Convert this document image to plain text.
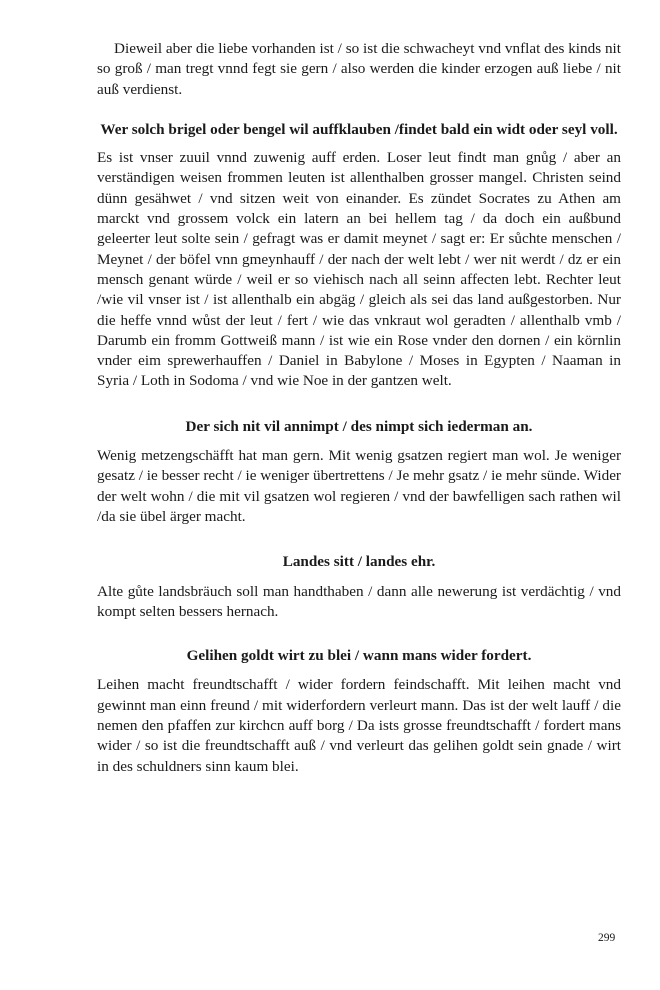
Dieweil aber die liebe vorhanden ist / so ist die schwacheyt vnd vnflat des kinds nit so groß / man tregt vnnd fegt sie gern / also werden die kinder erzogen auß liebe / nit auß verdienst.

Wer solch brigel oder bengel wil auffklauben /findet bald ein widt oder seyl voll.

Es ist vnser zuuil vnnd zuwenig auff erden. Loser leut findt man gnůg / aber an verständigen weisen frommen leuten ist allenthalben grosser mangel. Christen seind dünn gesähwet / vnd sitzen weit von einander. Es zündet Socrates zu Athen am marckt vnd grossem volck ein latern an bei hellem tag / da doch ein außbund geleerter leut solte sein / gefragt was er damit meynet / sagt er: Er sůchte menschen / Meynet / der böfel vnn gmeynhauff / der nach der welt lebt / wer nit werdt / dz er ein mensch genant würde / weil er so viehisch nach all seinn affecten lebt. Rechter leut /wie vil vnser ist / ist allenthalb ein abgäg / gleich als sei das land außgestorben. Nur die heffe vnnd wůst der leut / fert / wie das vnkraut wol geradten / allenthalb vmb / Darumb ein fromm Gottweiß mann / ist wie ein Rose vnder den dornen / ein körnlin vnder eim sprewerhauffen / Daniel in Babylone / Moses in Egypten / Naaman in Syria / Loth in Sodoma / vnd wie Noe in der gantzen welt.

Der sich nit vil annimpt / des nimpt sich iederman an.

Wenig metzengschäfft hat man gern. Mit wenig gsatzen regiert man wol. Je weniger gesatz / ie besser recht / ie weniger übertrettens / Je mehr gsatz / ie mehr sünde. Wider der welt wohn / die mit vil gsatzen wol regieren / vnd der bawfelligen sach rathen wil /da sie übel ärger macht.

Landes sitt / landes ehr.

Alte gůte landsbräuch soll man handthaben / dann alle newerung ist verdächtig / vnd kompt selten bessers hernach.

Gelihen goldt wirt zu blei / wann mans wider fordert.

Leihen macht freundtschafft / wider fordern feindschafft. Mit leihen macht vnd gewinnt man einn freund / mit widerfordern verleurt mann. Das ist der welt lauff / die nemen den pfaffen zur kirchcn auff borg / Da ists grosse freundtschafft / fordert mans wider / so ist die freundtschafft auß / vnd verleurt das gelihen goldt sein gnade / wirt in des schuldners sinn kaum blei.

299
